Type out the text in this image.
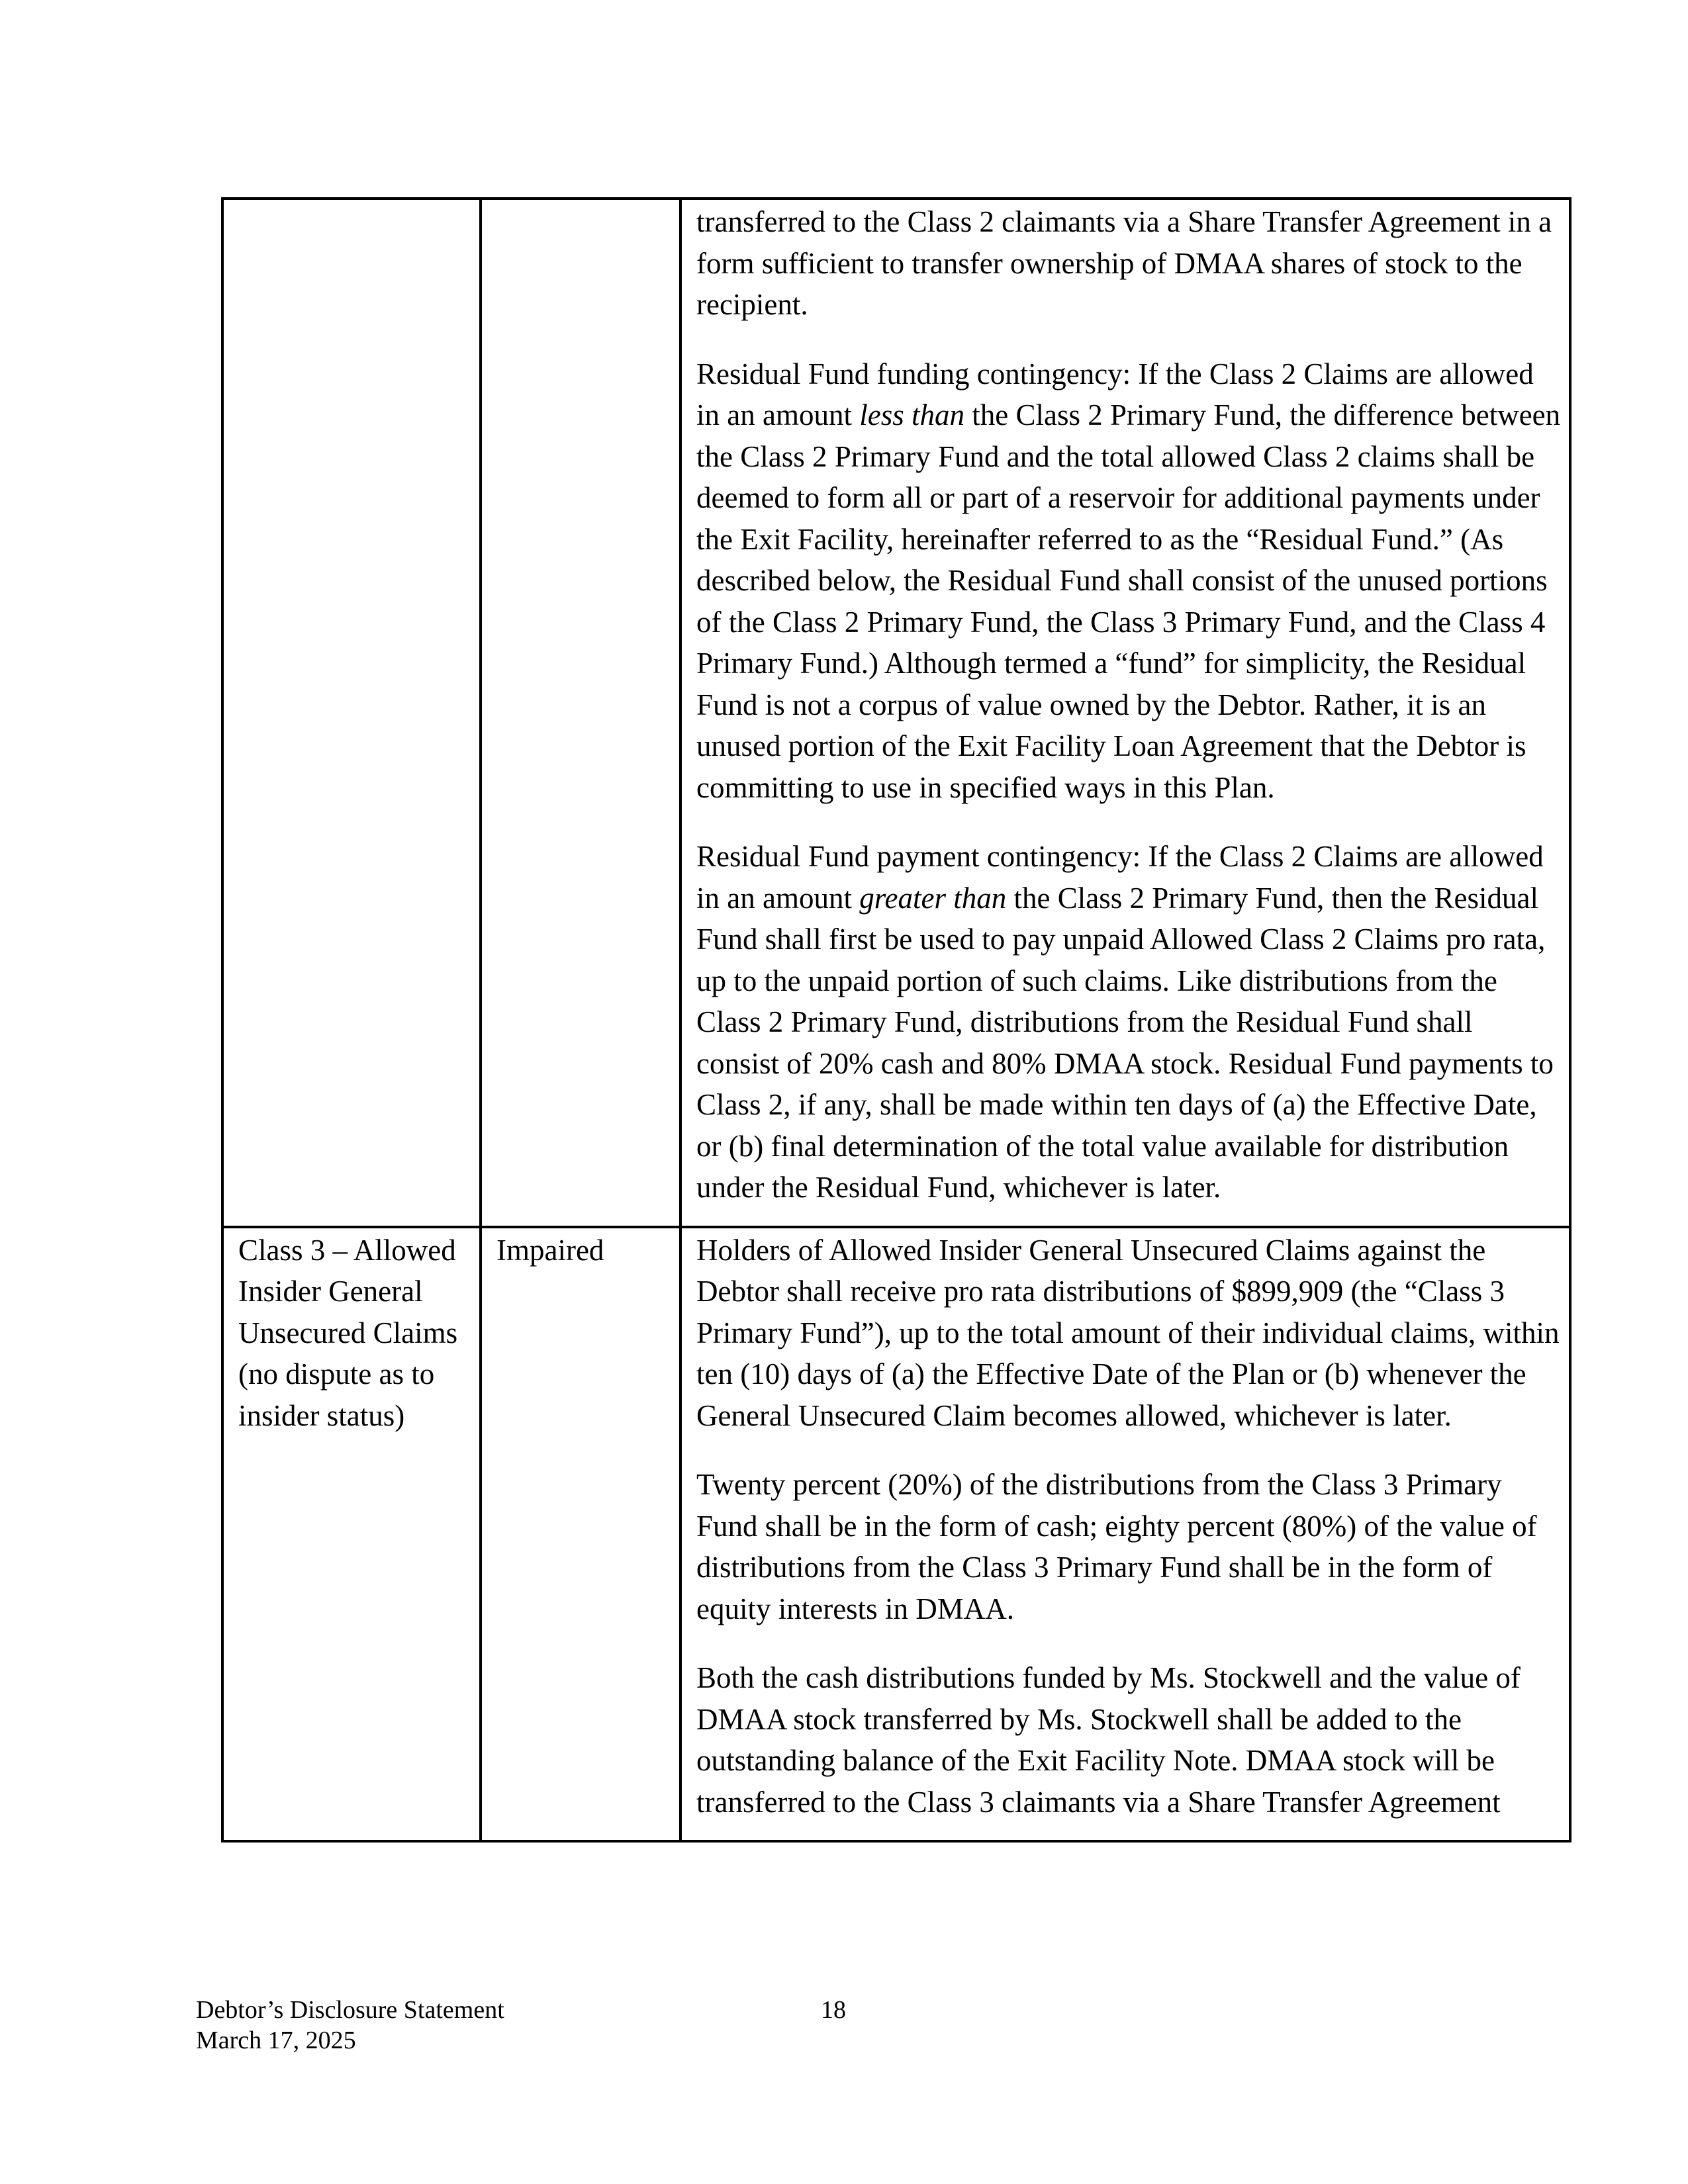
		transferred to the Class 2 claimants via a Share Transfer Agreement in a form sufficient to transfer ownership of DMAA shares of stock to the recipient.

Residual Fund funding contingency: If the Class 2 Claims are allowed in an amount less than the Class 2 Primary Fund, the difference between the Class 2 Primary Fund and the total allowed Class 2 claims shall be deemed to form all or part of a reservoir for additional payments under the Exit Facility, hereinafter referred to as the “Residual Fund.” (As described below, the Residual Fund shall consist of the unused portions of the Class 2 Primary Fund, the Class 3 Primary Fund, and the Class 4 Primary Fund.) Although termed a “fund” for simplicity, the Residual Fund is not a corpus of value owned by the Debtor. Rather, it is an unused portion of the Exit Facility Loan Agreement that the Debtor is committing to use in specified ways in this Plan.

Residual Fund payment contingency: If the Class 2 Claims are allowed in an amount greater than the Class 2 Primary Fund, then the Residual Fund shall first be used to pay unpaid Allowed Class 2 Claims pro rata, up to the unpaid portion of such claims. Like distributions from the Class 2 Primary Fund, distributions from the Residual Fund shall consist of 20% cash and 80% DMAA stock. Residual Fund payments to Class 2, if any, shall be made within ten days of (a) the Effective Date, or (b) final determination of the total value available for distribution under the Residual Fund, whichever is later.

Class 3 – Allowed Insider General Unsecured Claims (no dispute as to insider status)	Impaired	Holders of Allowed Insider General Unsecured Claims against the Debtor shall receive pro rata distributions of $899,909 (the “Class 3 Primary Fund”), up to the total amount of their individual claims, within ten (10) days of (a) the Effective Date of the Plan or (b) whenever the General Unsecured Claim becomes allowed, whichever is later.

Twenty percent (20%) of the distributions from the Class 3 Primary Fund shall be in the form of cash; eighty percent (80%) of the value of distributions from the Class 3 Primary Fund shall be in the form of equity interests in DMAA.

Both the cash distributions funded by Ms. Stockwell and the value of DMAA stock transferred by Ms. Stockwell shall be added to the outstanding balance of the Exit Facility Note. DMAA stock will be transferred to the Class 3 claimants via a Share Transfer Agreement

Debtor’s Disclosure Statement
March 17, 2025
18
